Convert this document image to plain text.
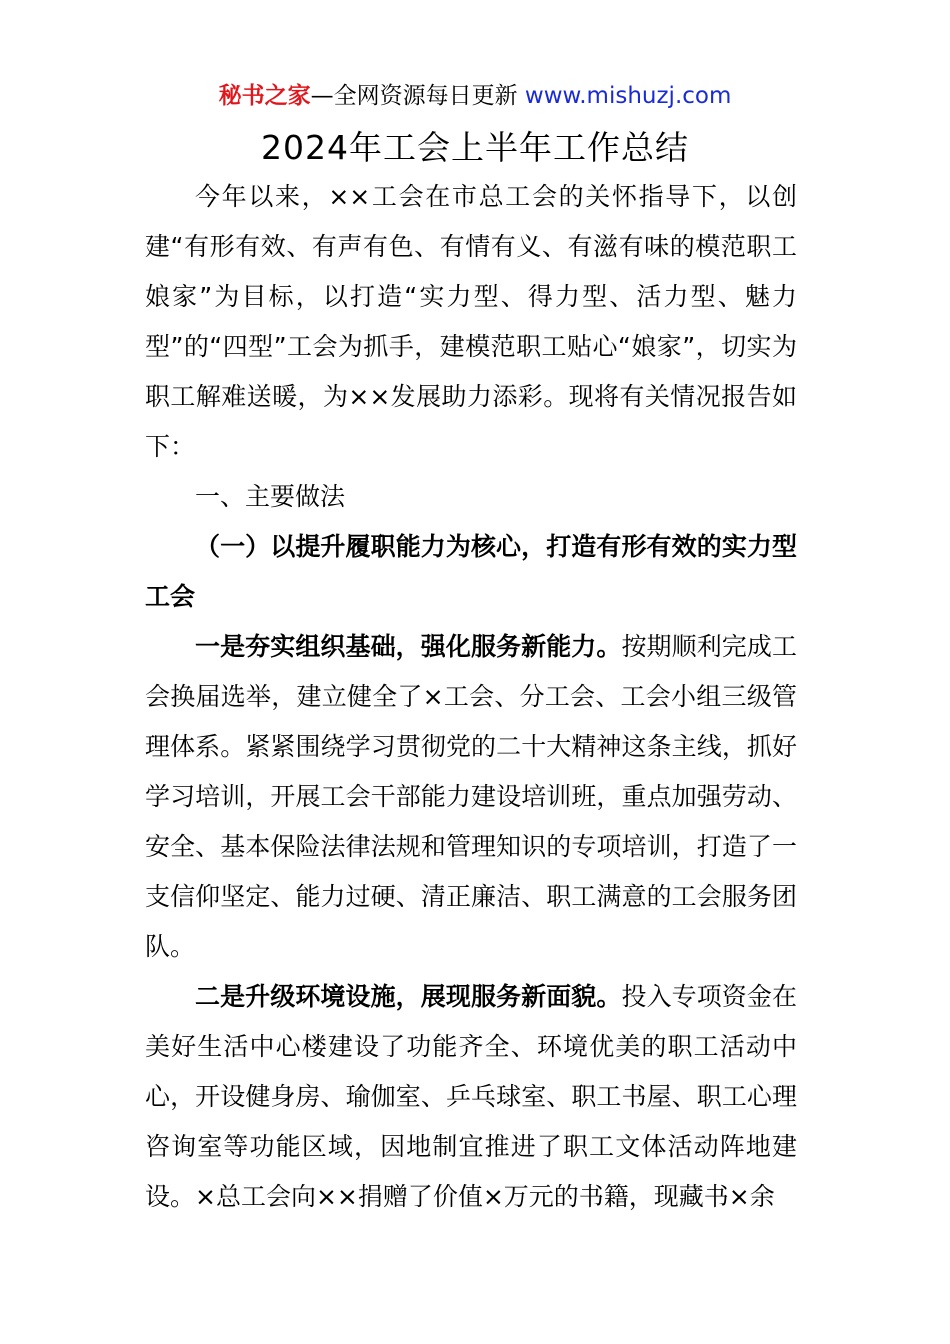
秘书之家—全网资源每日更新 www.mishuzj.com
2024年工会上半年工作总结

今年以来，××工会在市总工会的关怀指导下，以创建“有形有效、有声有色、有情有义、有滋有味的模范职工娘家”为目标，以打造“实力型、得力型、活力型、魅力型”的“四型”工会为抓手，建模范职工贴心“娘家”，切实为职工解难送暖，为××发展助力添彩。现将有关情况报告如下：

一、主要做法

（一）以提升履职能力为核心，打造有形有效的实力型工会

一是夯实组织基础，强化服务新能力。按期顺利完成工会换届选举，建立健全了×工会、分工会、工会小组三级管理体系。紧紧围绕学习贯彻党的二十大精神这条主线，抓好学习培训，开展工会干部能力建设培训班，重点加强劳动、安全、基本保险法律法规和管理知识的专项培训，打造了一支信仰坚定、能力过硬、清正廉洁、职工满意的工会服务团队。

二是升级环境设施，展现服务新面貌。投入专项资金在美好生活中心楼建设了功能齐全、环境优美的职工活动中心，开设健身房、瑜伽室、乒乓球室、职工书屋、职工心理咨询室等功能区域，因地制宜推进了职工文体活动阵地建设。×总工会向××捐赠了价值×万元的书籍，现藏书×余
